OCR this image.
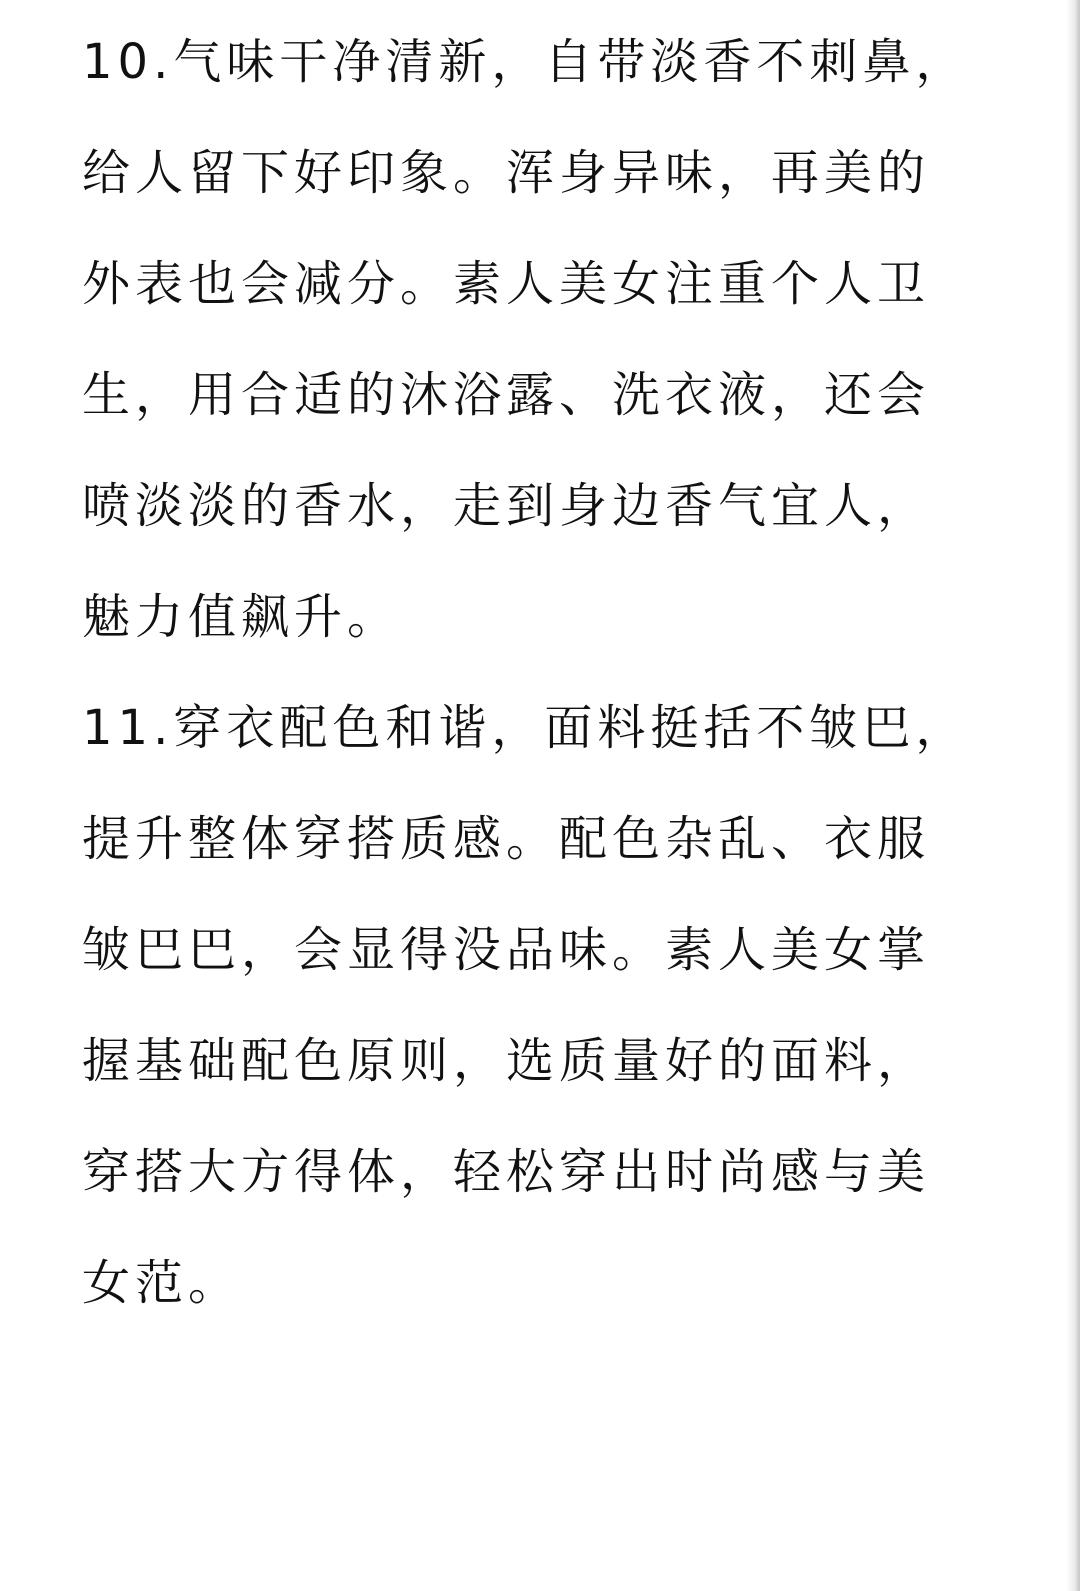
10.气味干净清新，自带淡香不刺鼻，
给人留下好印象。浑身异味，再美的
外表也会减分。素人美女注重个人卫
生，用合适的沐浴露、洗衣液，还会
喷淡淡的香水，走到身边香气宜人，
魅力值飙升。
11.穿衣配色和谐，面料挺括不皱巴，
提升整体穿搭质感。配色杂乱、衣服
皱巴巴，会显得没品味。素人美女掌
握基础配色原则，选质量好的面料，
穿搭大方得体，轻松穿出时尚感与美
女范。
